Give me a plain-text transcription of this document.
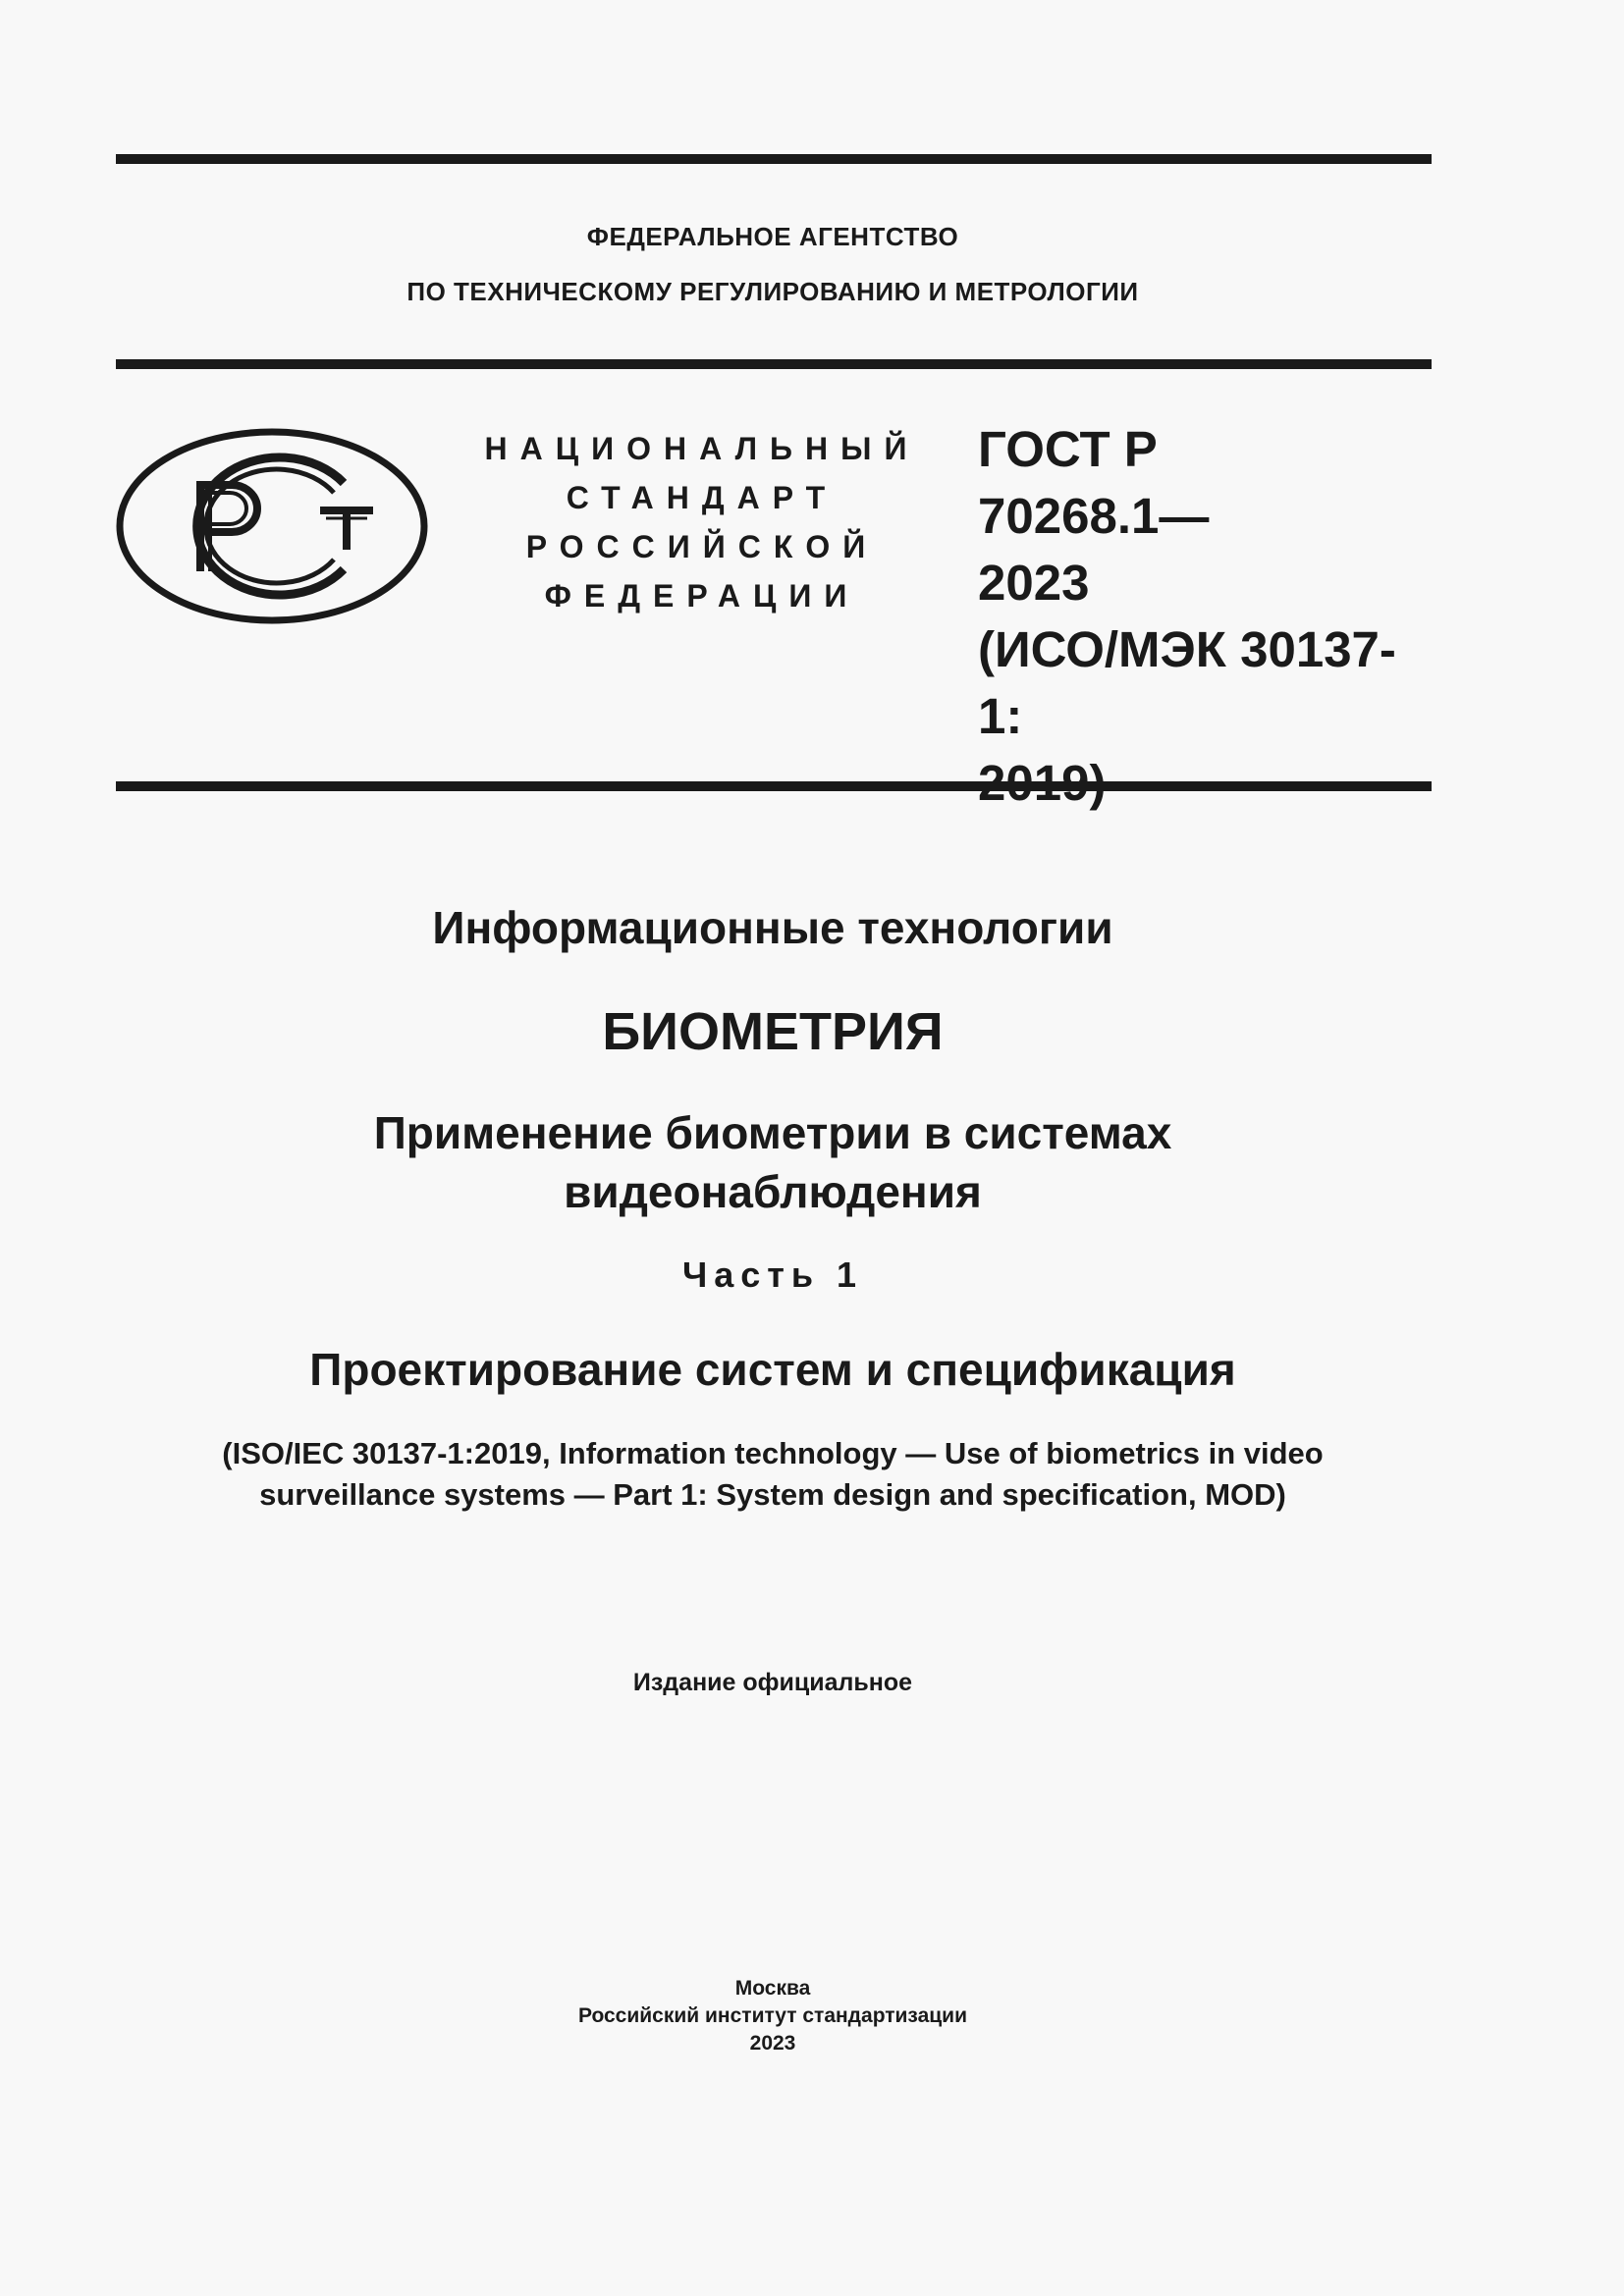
ФЕДЕРАЛЬНОЕ АГЕНТСТВО
ПО ТЕХНИЧЕСКОМУ РЕГУЛИРОВАНИЮ И МЕТРОЛОГИИ
НАЦИОНАЛЬНЫЙ
СТАНДАРТ
РОССИЙСКОЙ
ФЕДЕРАЦИИ
ГОСТ Р
70268.1—
2023
(ИСО/МЭК 30137-1:
Информационные технологии
БИОМЕТРИЯ
Применение биометрии в системах
видеонаблюдения
Часть 1
Проектирование систем и спецификация
(ISO/IEC 30137-1:2019, Information technology — Use of biometrics in video
surveillance systems — Part 1: System design and specification, MOD)
Издание официальное
Москва
Российский институт стандартизации
2023
